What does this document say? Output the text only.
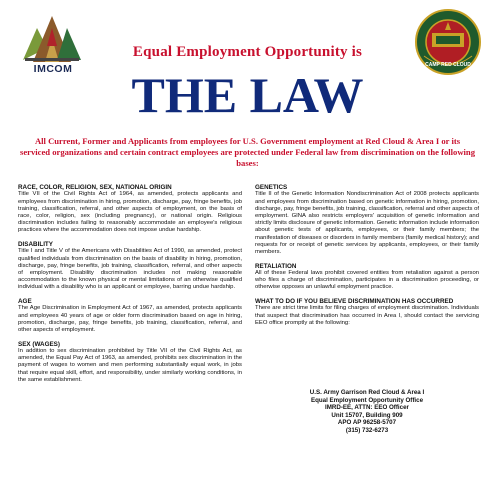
IMCOM	CAMP RED CLOUD
Equal Employment Opportunity is
THE LAW
All Current, Former and Applicants from employees for U.S. Government employment at Red Cloud & Area I or its serviced organizations and certain contract employees are protected under Federal law from discrimination on the following bases:
RACE, COLOR, RELIGION, SEX, NATIONAL ORIGIN
Title VII of the Civil Rights Act of 1964, as amended, protects applicants and employees from discrimination in hiring, promotion, discharge, pay, fringe benefits, job training, classification, referral, and other aspects of employment, on the basis of race, color, religion, sex (including pregnancy), or national origin. Religious discrimination includes failing to reasonably accommodate an employee's religious practices where the accommodation does not impose undue hardship.
DISABILITY
Title I and Title V of the Americans with Disabilities Act of 1990, as amended, protect qualified individuals from discrimination on the basis of disability in hiring, promotion, discharge, pay, fringe benefits, job training, classification, referral, and other aspects of employment. Disability discrimination includes not making reasonable accommodation to the known physical or mental limitations of an otherwise qualified individual with a disability who is an applicant or employee, barring undue hardship.
AGE
The Age Discrimination in Employment Act of 1967, as amended, protects applicants and employees 40 years of age or older form discrimination based on age in hiring, promotion, discharge, pay, fringe benefits, job training, classification, referral, and other aspects of employment.
SEX (WAGES)
In addition to sex discrimination prohibited by Title VII of the Civil Rights Act, as amended, the Equal Pay Act of 1963, as amended, prohibits sex discrimination in the payment of wages to women and men performing substantially equal work, in jobs that require equal skill, effort, and responsibility, under similarly working conditions, in the same establishment.
GENETICS
Title II of the Genetic Information Nondiscrimination Act of 2008 protects applicants and employees from discrimination based on genetic information in hiring, promotion, discharge, pay, fringe benefits, job training, classification, referral and other aspects of employment. GINA also restricts employers' acquisition of genetic information and strictly limits disclosure of genetic information. Genetic information include information about genetic tests of applicants, employees, or their family members; the manifestation of diseases or disorders in family members (family medical history); and requests for or receipt of genetic services by applicants, employees, or their family members.
RETALIATION
All of these Federal laws prohibit covered entities from retaliation against a person who files a charge of discrimination, participates in a discrimination proceeding, or otherwise opposes an unlawful employment practice.
WHAT TO DO IF YOU BELIEVE DISCRIMINATION HAS OCCURRED
There are strict time limits for filing charges of employment discrimination. Individuals that suspect that discrimination has occurred in Area I, should contact the servicing EEO office promptly at the following:
U.S. Army Garrison Red Cloud & Area I
Equal Employment Opportunity Office
IMRD-EE, ATTN: EEO Officer
Unit 15707, Building 909
APO AP 96258-5707
(315) 732-6273
